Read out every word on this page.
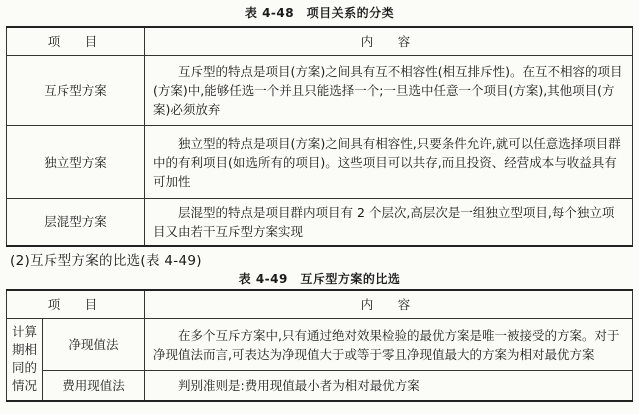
表 4-48　项目关系的分类
项　目	内　容
互斥型方案	互斥型的特点是项目(方案)之间具有互不相容性(相互排斥性)。在互不相容的项目(方案)中,能够任选一个并且只能选择一个;一旦选中任意一个项目(方案),其他项目(方案)必须放弃
独立型方案	独立型的特点是项目(方案)之间具有相容性,只要条件允许,就可以任意选择项目群中的有利项目(如选所有的项目)。这些项目可以共存,而且投资、经营成本与收益具有可加性
层混型方案	层混型的特点是项目群内项目有 2 个层次,高层次是一组独立型项目,每个独立项目又由若干互斥型方案实现
(2)互斥型方案的比选(表 4-49)
表 4-49　互斥型方案的比选
项　目		内　容
计算期相同的情况	净现值法	在多个互斥方案中,只有通过绝对效果检验的最优方案是唯一被接受的方案。对于净现值法而言,可表达为净现值大于或等于零且净现值最大的方案为相对最优方案
	费用现值法	判别准则是:费用现值最小者为相对最优方案
